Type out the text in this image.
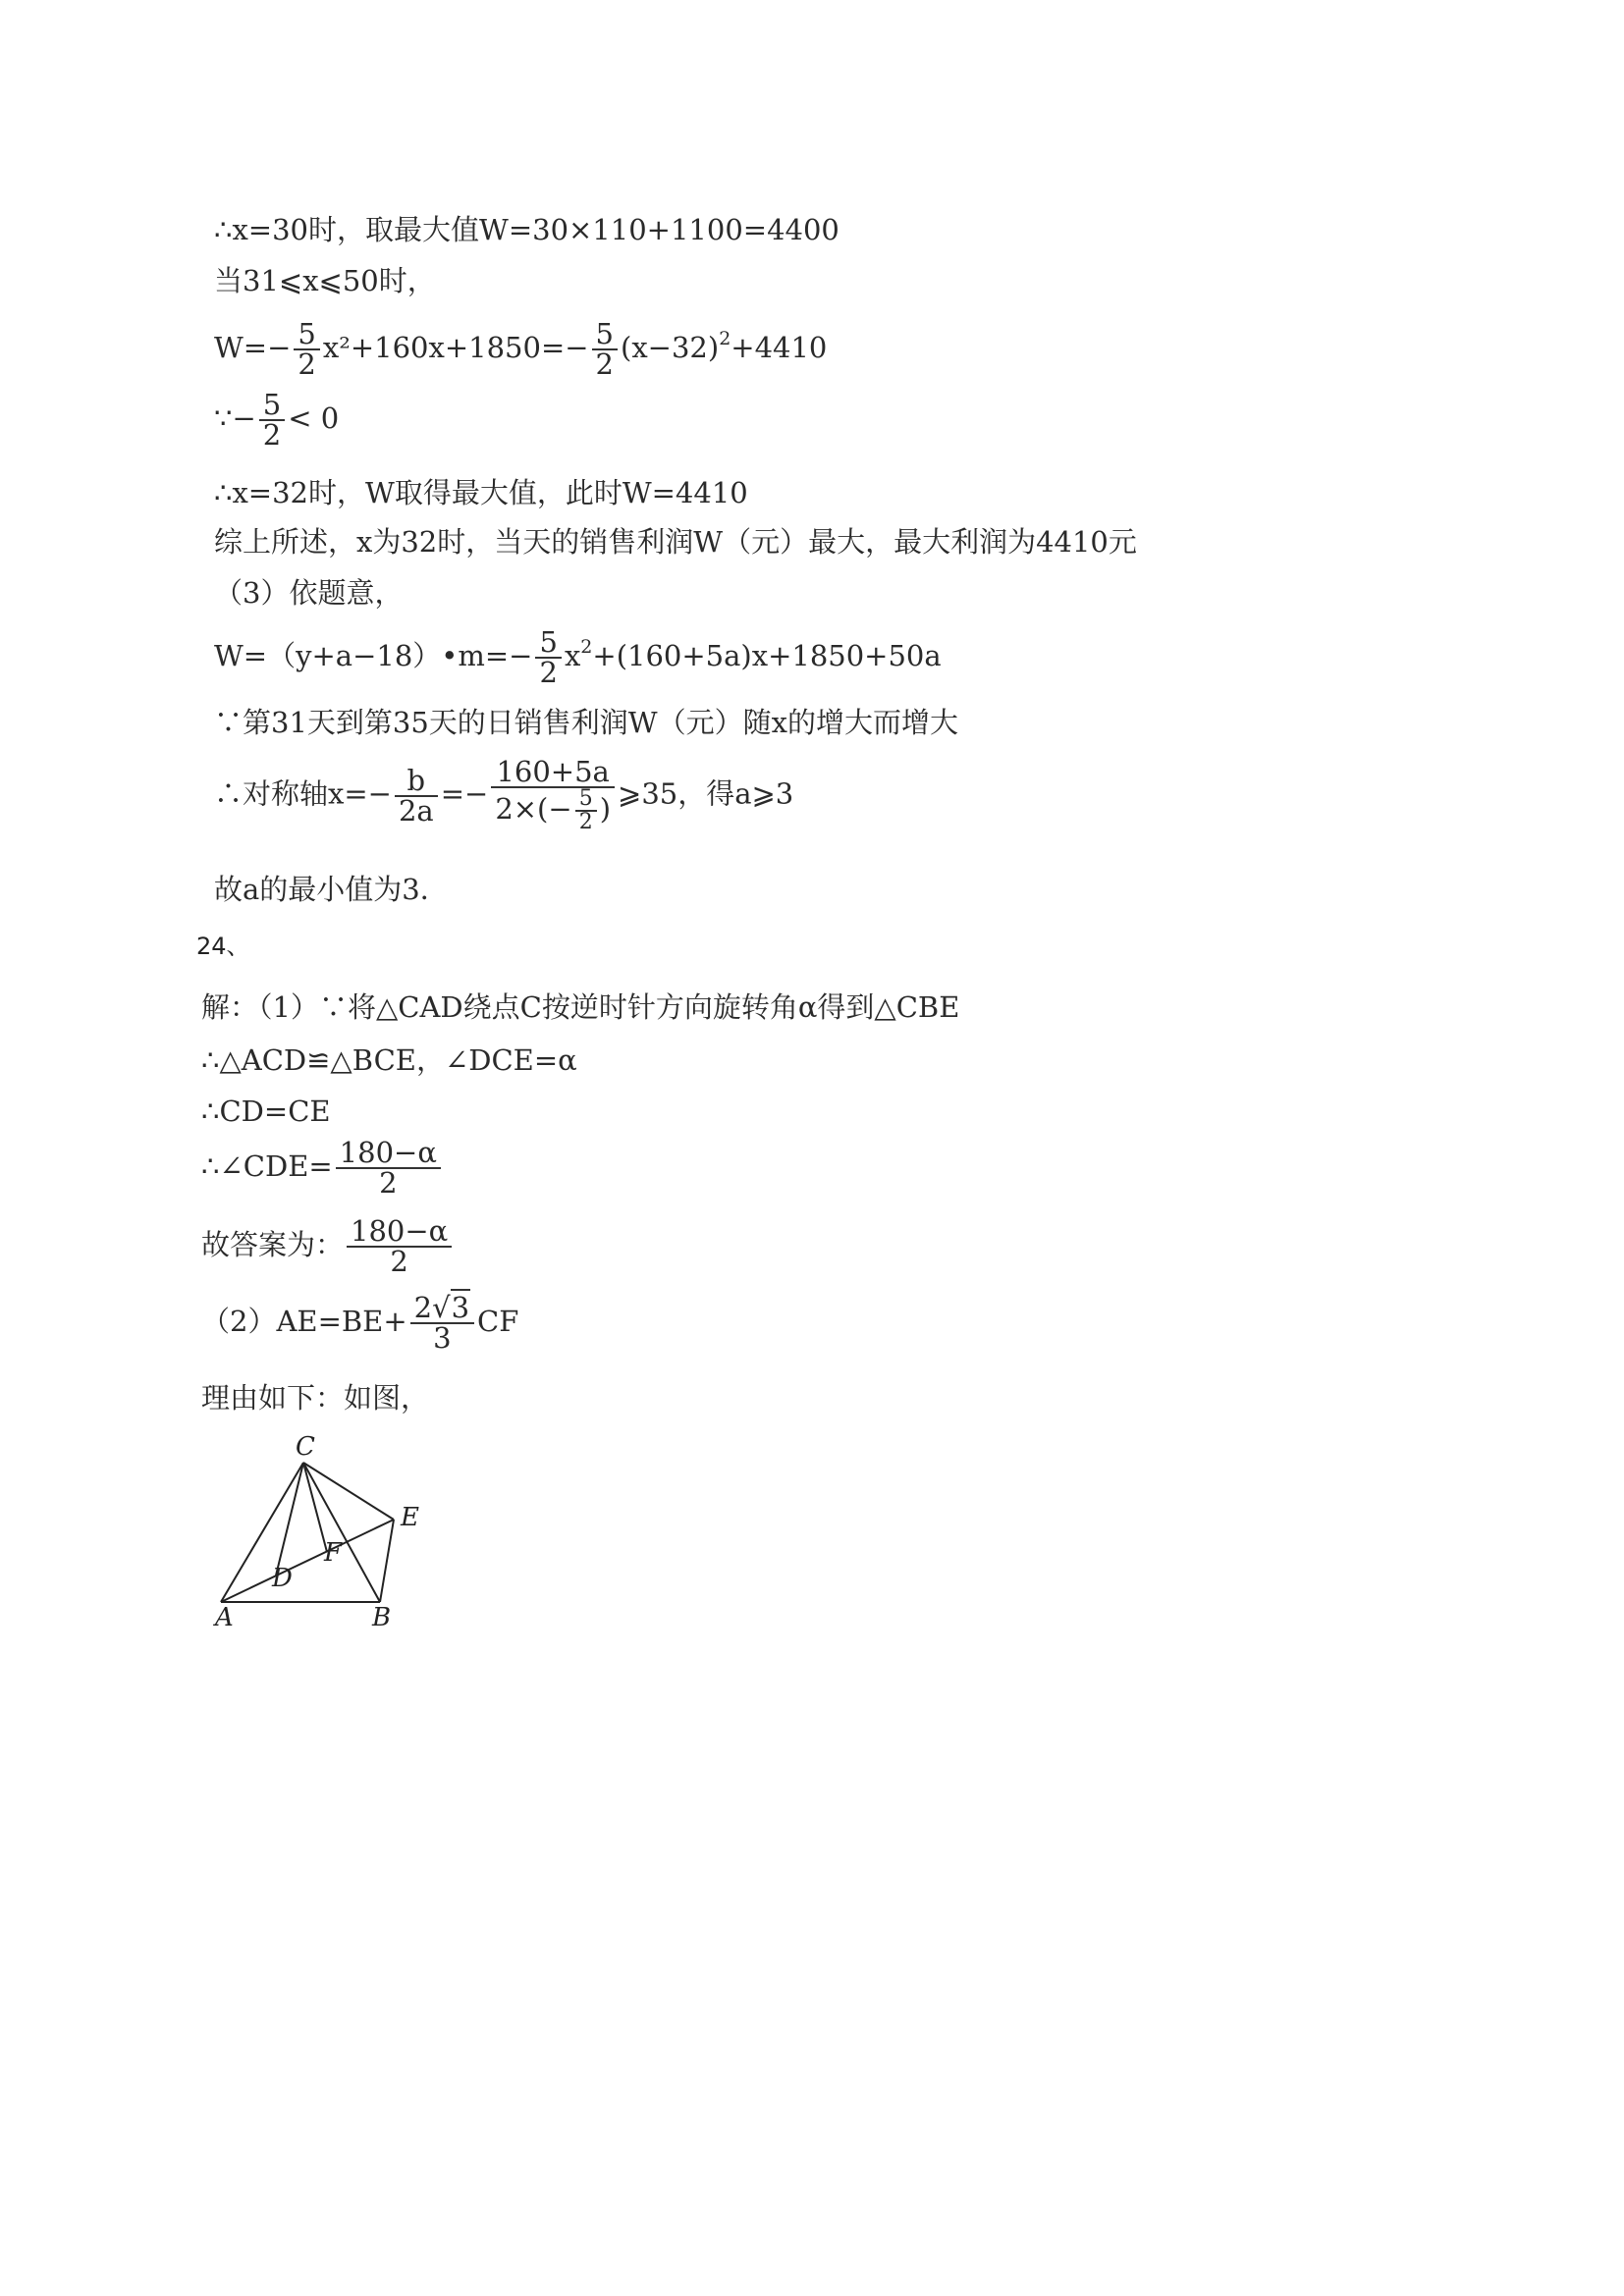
∴x=30时，取最大值W=30×110+1100=4400
当31⩽x⩽50时，
$W=- \frac{5}{2} x^2+160x+1850=- \frac{5}{2} (x-32)^2+4410$
∵− $\frac{5}{2} < 0$
∴x=32时，W取得最大值，此时W=4410
综上所述，x为32时，当天的销售利润W（元）最大，最大利润为4410元
（3）依题意，
W=（y+a−18）•m=− $\frac{5}{2} x^2+(160+5a)x+1850+50a$
∵第31天到第35天的日销售利润W（元）随x的增大而增大
∴对称轴$x=- \frac{b}{2a} =- \frac{160+5a}{2\times(- \frac{5}{2} )}$ ⩾35，得a⩾3
故a的最小值为3．
24、
解：（1）∵将△CAD绕点C按逆时针方向旋转角α得到△CBE
∴△ACD≌△BCE，∠DCE=α
∴CD=CE
∴∠CDE= $\frac{180-\alpha}{2}$
故答案为： $\frac{180-\alpha}{2}$
$(2)AE=BE+ \frac{2√3}{3}$ CF
理由如下：如图，
C
E
F
D
A	B
